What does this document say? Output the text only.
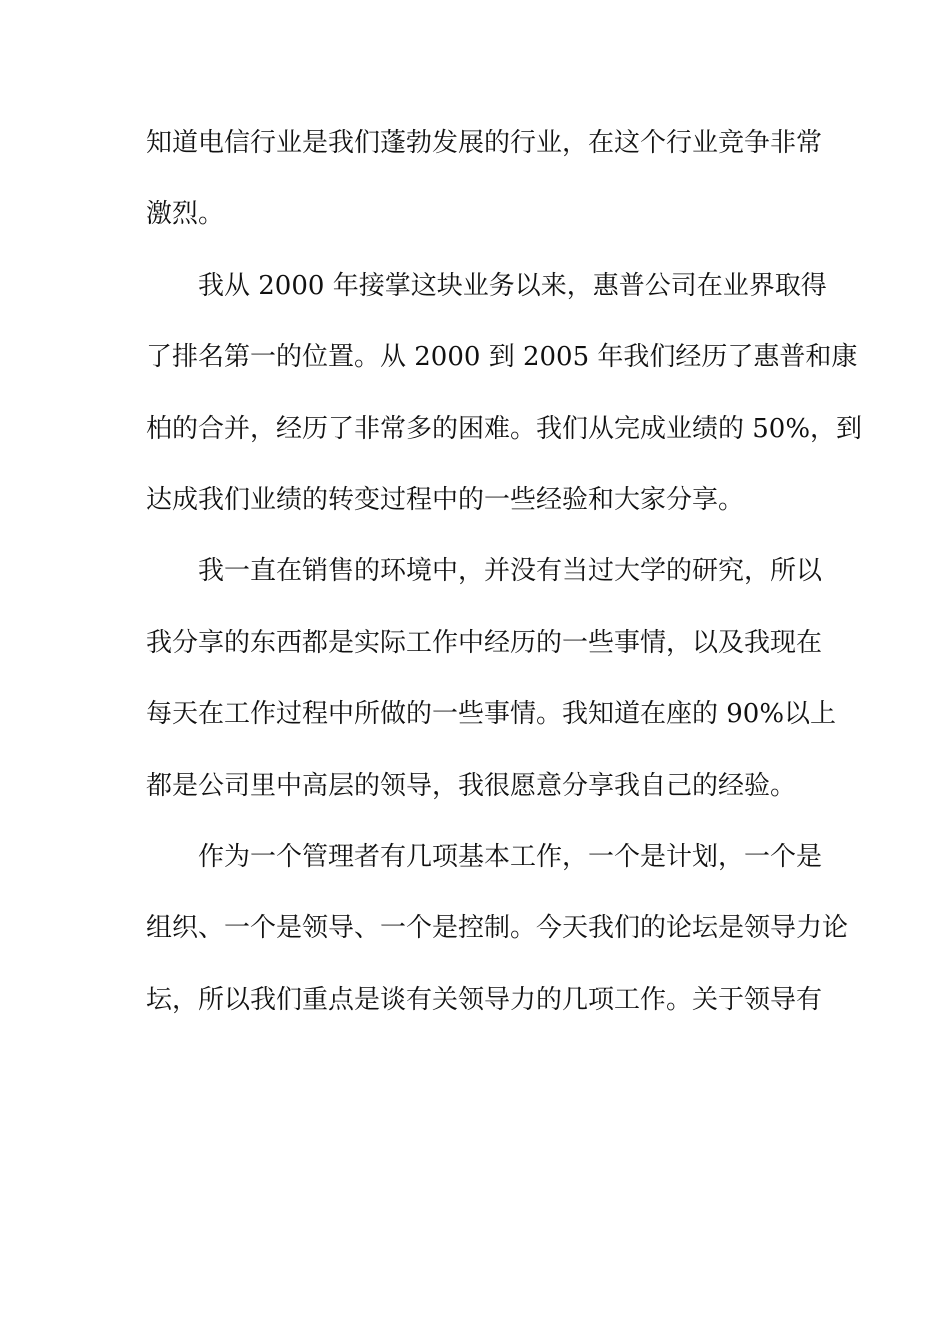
知道电信行业是我们蓬勃发展的行业，在这个行业竞争非常
激烈。
我从 2000 年接掌这块业务以来，惠普公司在业界取得
了排名第一的位置。从 2000 到 2005 年我们经历了惠普和康
柏的合并，经历了非常多的困难。我们从完成业绩的 50%，到
达成我们业绩的转变过程中的一些经验和大家分享。
我一直在销售的环境中，并没有当过大学的研究，所以
我分享的东西都是实际工作中经历的一些事情，以及我现在
每天在工作过程中所做的一些事情。我知道在座的 90%以上
都是公司里中高层的领导，我很愿意分享我自己的经验。
作为一个管理者有几项基本工作，一个是计划，一个是
组织、一个是领导、一个是控制。今天我们的论坛是领导力论
坛，所以我们重点是谈有关领导力的几项工作。关于领导有
